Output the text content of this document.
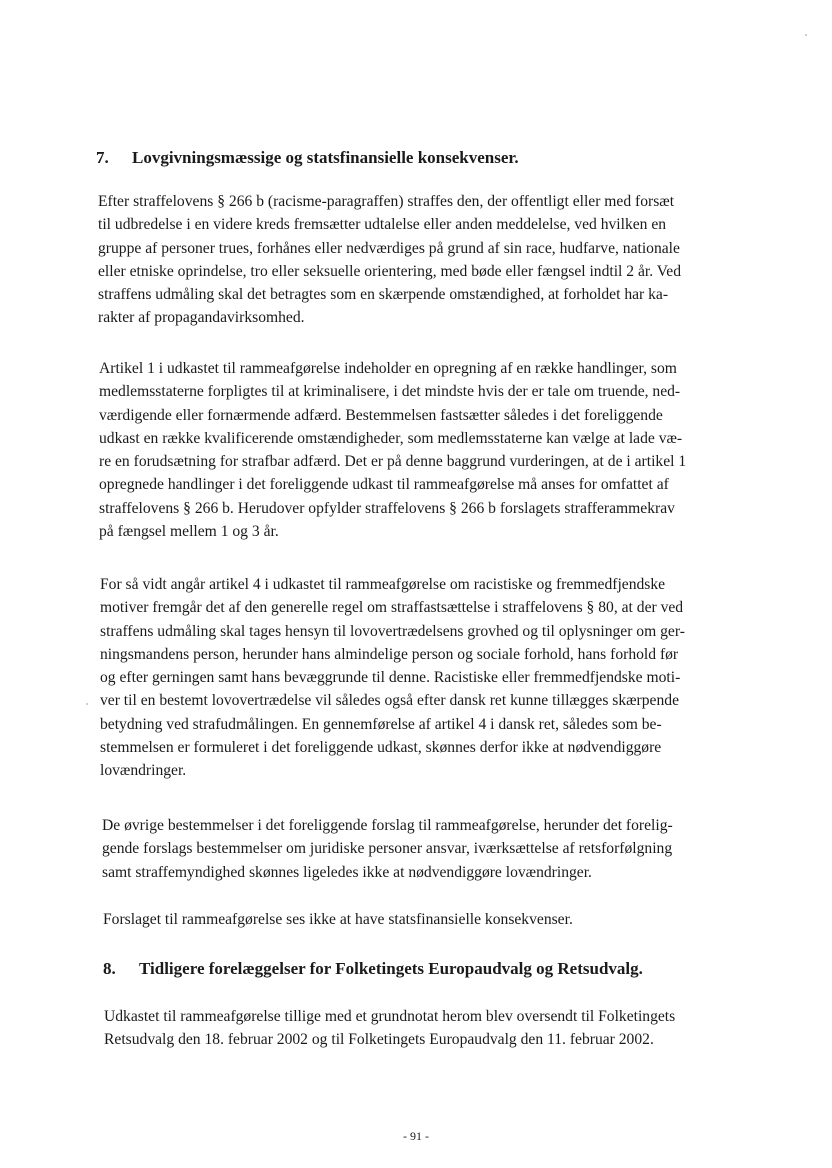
7. Lovgivningsmæssige og statsfinansielle konsekvenser.
Efter straffelovens § 266 b (racisme-paragraffen) straffes den, der offentligt eller med forsæt
til udbredelse i en videre kreds fremsætter udtalelse eller anden meddelelse, ved hvilken en
gruppe af personer trues, forhånes eller nedværdiges på grund af sin race, hudfarve, nationale
eller etniske oprindelse, tro eller seksuelle orientering, med bøde eller fængsel indtil 2 år. Ved
straffens udmåling skal det betragtes som en skærpende omstændighed, at forholdet har ka-
rakter af propagandavirksomhed.
Artikel 1 i udkastet til rammeafgørelse indeholder en opregning af en række handlinger, som
medlemsstaterne forpligtes til at kriminalisere, i det mindste hvis der er tale om truende, ned-
værdigende eller fornærmende adfærd. Bestemmelsen fastsætter således i det foreliggende
udkast en række kvalificerende omstændigheder, som medlemsstaterne kan vælge at lade væ-
re en forudsætning for strafbar adfærd. Det er på denne baggrund vurderingen, at de i artikel 1
opregnede handlinger i det foreliggende udkast til rammeafgørelse må anses for omfattet af
straffelovens § 266 b. Herudover opfylder straffelovens § 266 b forslagets strafferammekrav
på fængsel mellem 1 og 3 år.
For så vidt angår artikel 4 i udkastet til rammeafgørelse om racistiske og fremmedfjendske
motiver fremgår det af den generelle regel om straffastsættelse i straffelovens § 80, at der ved
straffens udmåling skal tages hensyn til lovovertrædelsens grovhed og til oplysninger om ger-
ningsmandens person, herunder hans almindelige person og sociale forhold, hans forhold før
og efter gerningen samt hans bevæggrunde til denne. Racistiske eller fremmedfjendske moti-
ver til en bestemt lovovertrædelse vil således også efter dansk ret kunne tillægges skærpende
betydning ved strafudmålingen. En gennemførelse af artikel 4 i dansk ret, således som be-
stemmelsen er formuleret i det foreliggende udkast, skønnes derfor ikke at nødvendiggøre
lovændringer.
De øvrige bestemmelser i det foreliggende forslag til rammeafgørelse, herunder det forelig-
gende forslags bestemmelser om juridiske personer ansvar, iværksættelse af retsforfølgning
samt straffemyndighed skønnes ligeledes ikke at nødvendiggøre lovændringer.
Forslaget til rammeafgørelse ses ikke at have statsfinansielle konsekvenser.
8. Tidligere forelæggelser for Folketingets Europaudvalg og Retsudvalg.
Udkastet til rammeafgørelse tillige med et grundnotat herom blev oversendt til Folketingets
Retsudvalg den 18. februar 2002 og til Folketingets Europaudvalg den 11. februar 2002.
- 91 -
